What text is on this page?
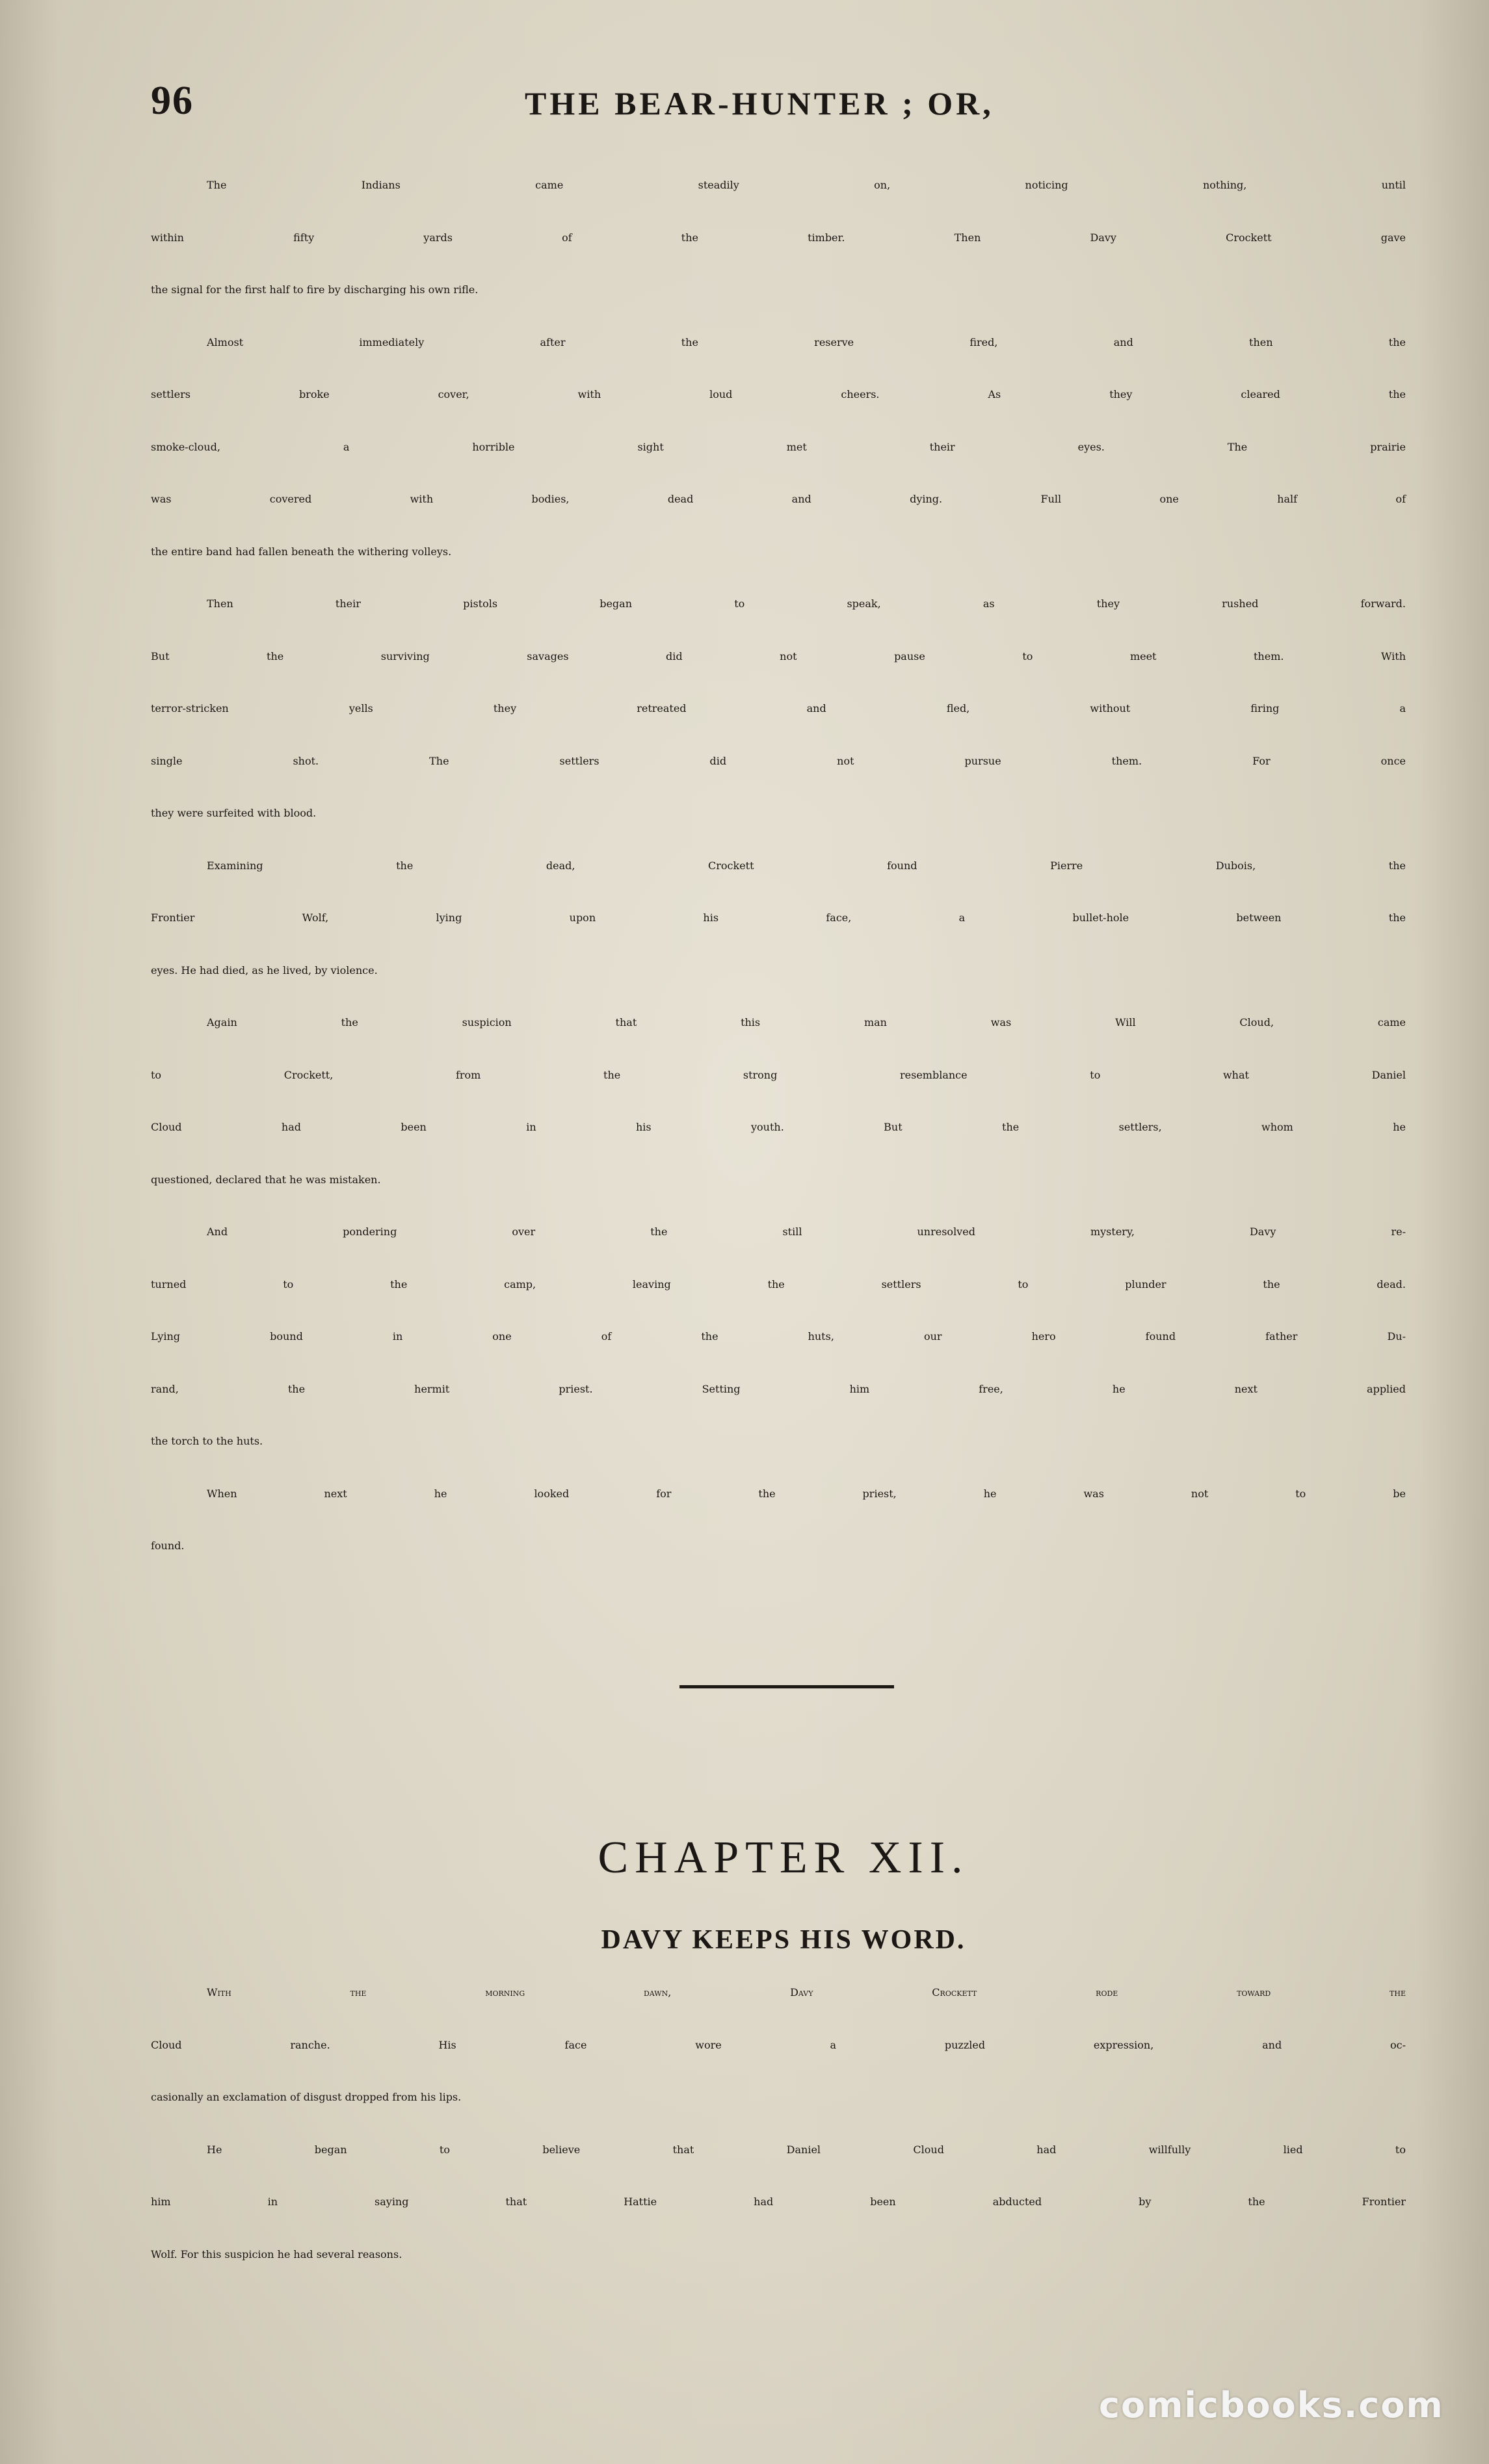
96	THE BEAR-HUNTER ; OR,
The Indians came steadily on, noticing nothing, until
within fifty yards of the timber. Then Davy Crockett gave
the signal for the first half to fire by discharging his own rifle.
Almost immediately after the reserve fired, and then the
settlers broke cover, with loud cheers. As they cleared the
smoke-cloud, a horrible sight met their eyes. The prairie
was covered with bodies, dead and dying. Full one half of
the entire band had fallen beneath the withering volleys.
Then their pistols began to speak, as they rushed forward.
But the surviving savages did not pause to meet them. With
terror-stricken yells they retreated and fled, without firing a
single shot. The settlers did not pursue them. For once
they were surfeited with blood.
Examining the dead, Crockett found Pierre Dubois, the
Frontier Wolf, lying upon his face, a bullet-hole between the
eyes. He had died, as he lived, by violence.
Again the suspicion that this man was Will Cloud, came
to Crockett, from the strong resemblance to what Daniel
Cloud had been in his youth. But the settlers, whom he
questioned, declared that he was mistaken.
And pondering over the still unresolved mystery, Davy re-
turned to the camp, leaving the settlers to plunder the dead.
Lying bound in one of the huts, our hero found father Du-
rand, the hermit priest. Setting him free, he next applied
the torch to the huts.
When next he looked for the priest, he was not to be
found.
CHAPTER XII.
DAVY KEEPS HIS WORD.
With the morning dawn, Davy Crockett rode toward the
Cloud ranche. His face wore a puzzled expression, and oc-
casionally an exclamation of disgust dropped from his lips.
He began to believe that Daniel Cloud had willfully lied to
him in saying that Hattie had been abducted by the Frontier
Wolf. For this suspicion he had several reasons.
comicbooks.com
